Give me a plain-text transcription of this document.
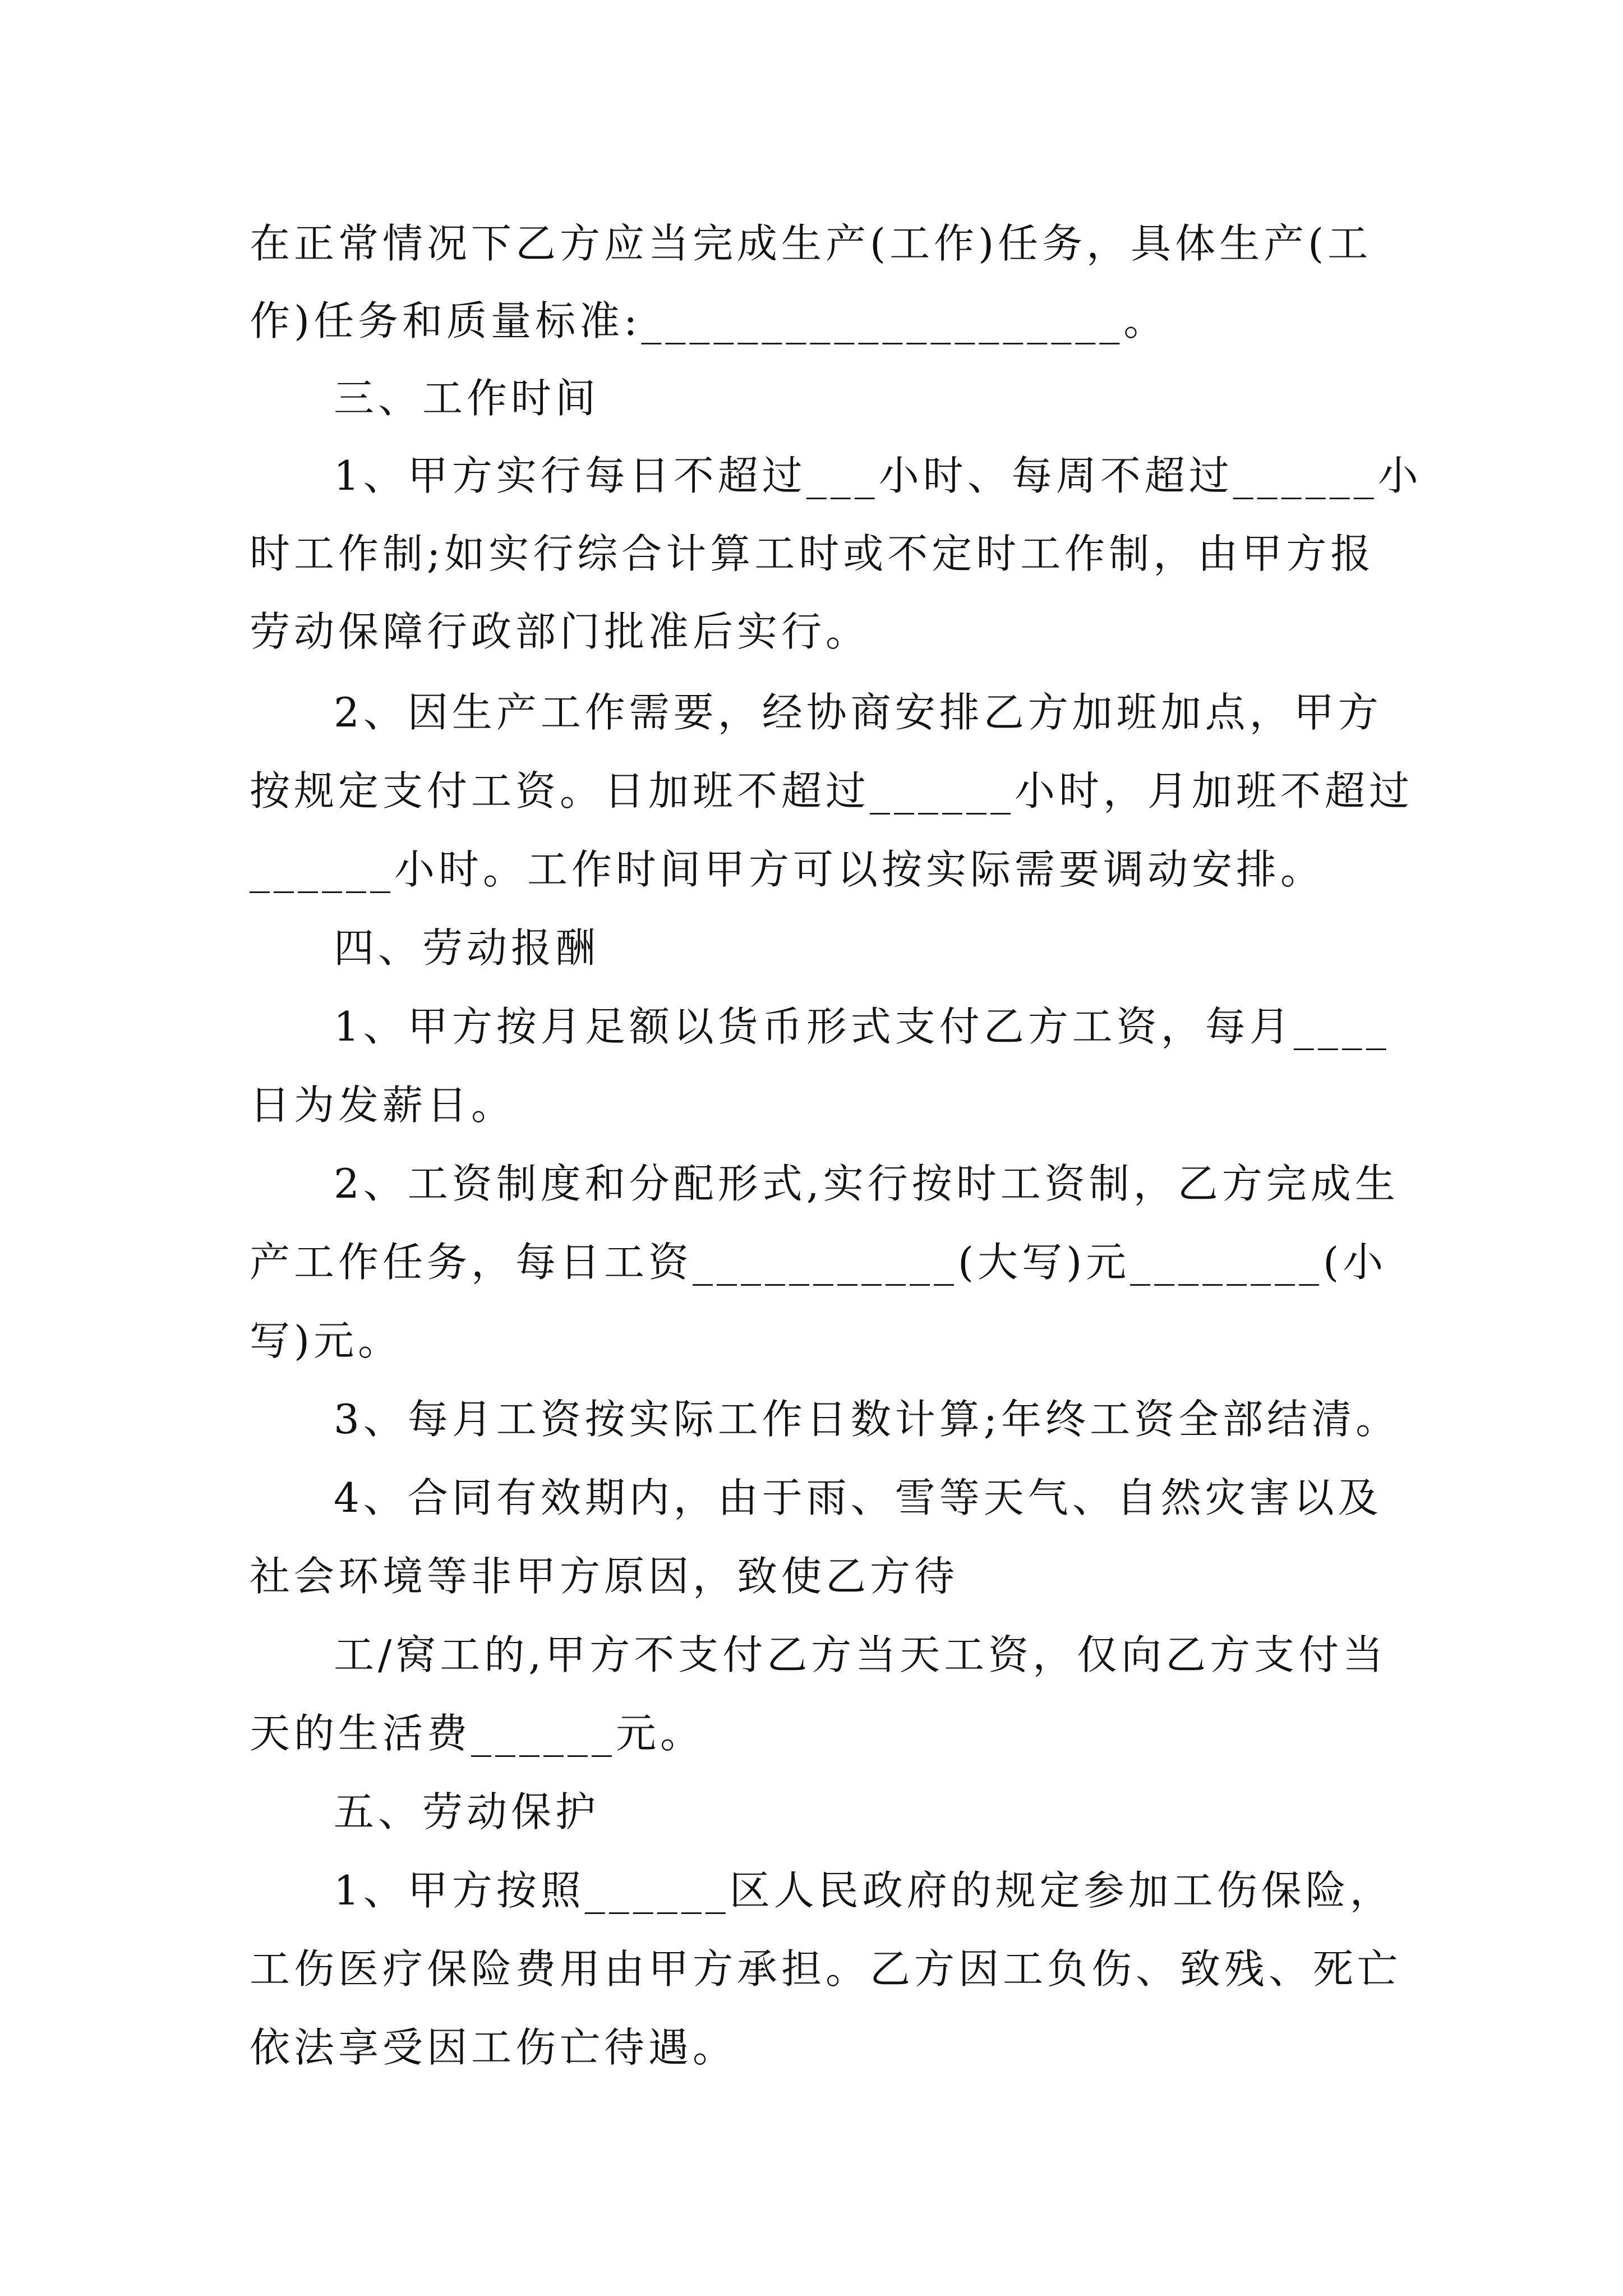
在正常情况下乙方应当完成生产(工作)任务，具体生产(工
作)任务和质量标准:____________________。
三、工作时间
1、甲方实行每日不超过___小时、每周不超过______小
时工作制;如实行综合计算工时或不定时工作制，由甲方报
劳动保障行政部门批准后实行。
2、因生产工作需要，经协商安排乙方加班加点，甲方
按规定支付工资。日加班不超过______小时，月加班不超过
______小时。工作时间甲方可以按实际需要调动安排。
四、劳动报酬
1、甲方按月足额以货币形式支付乙方工资，每月____
日为发薪日。
2、工资制度和分配形式,实行按时工资制，乙方完成生
产工作任务，每日工资___________(大写)元________(小
写)元。
3、每月工资按实际工作日数计算;年终工资全部结清。
4、合同有效期内，由于雨、雪等天气、自然灾害以及
社会环境等非甲方原因，致使乙方待
工/窝工的,甲方不支付乙方当天工资，仅向乙方支付当
天的生活费______元。
五、劳动保护
1、甲方按照______区人民政府的规定参加工伤保险，
工伤医疗保险费用由甲方承担。乙方因工负伤、致残、死亡
依法享受因工伤亡待遇。
